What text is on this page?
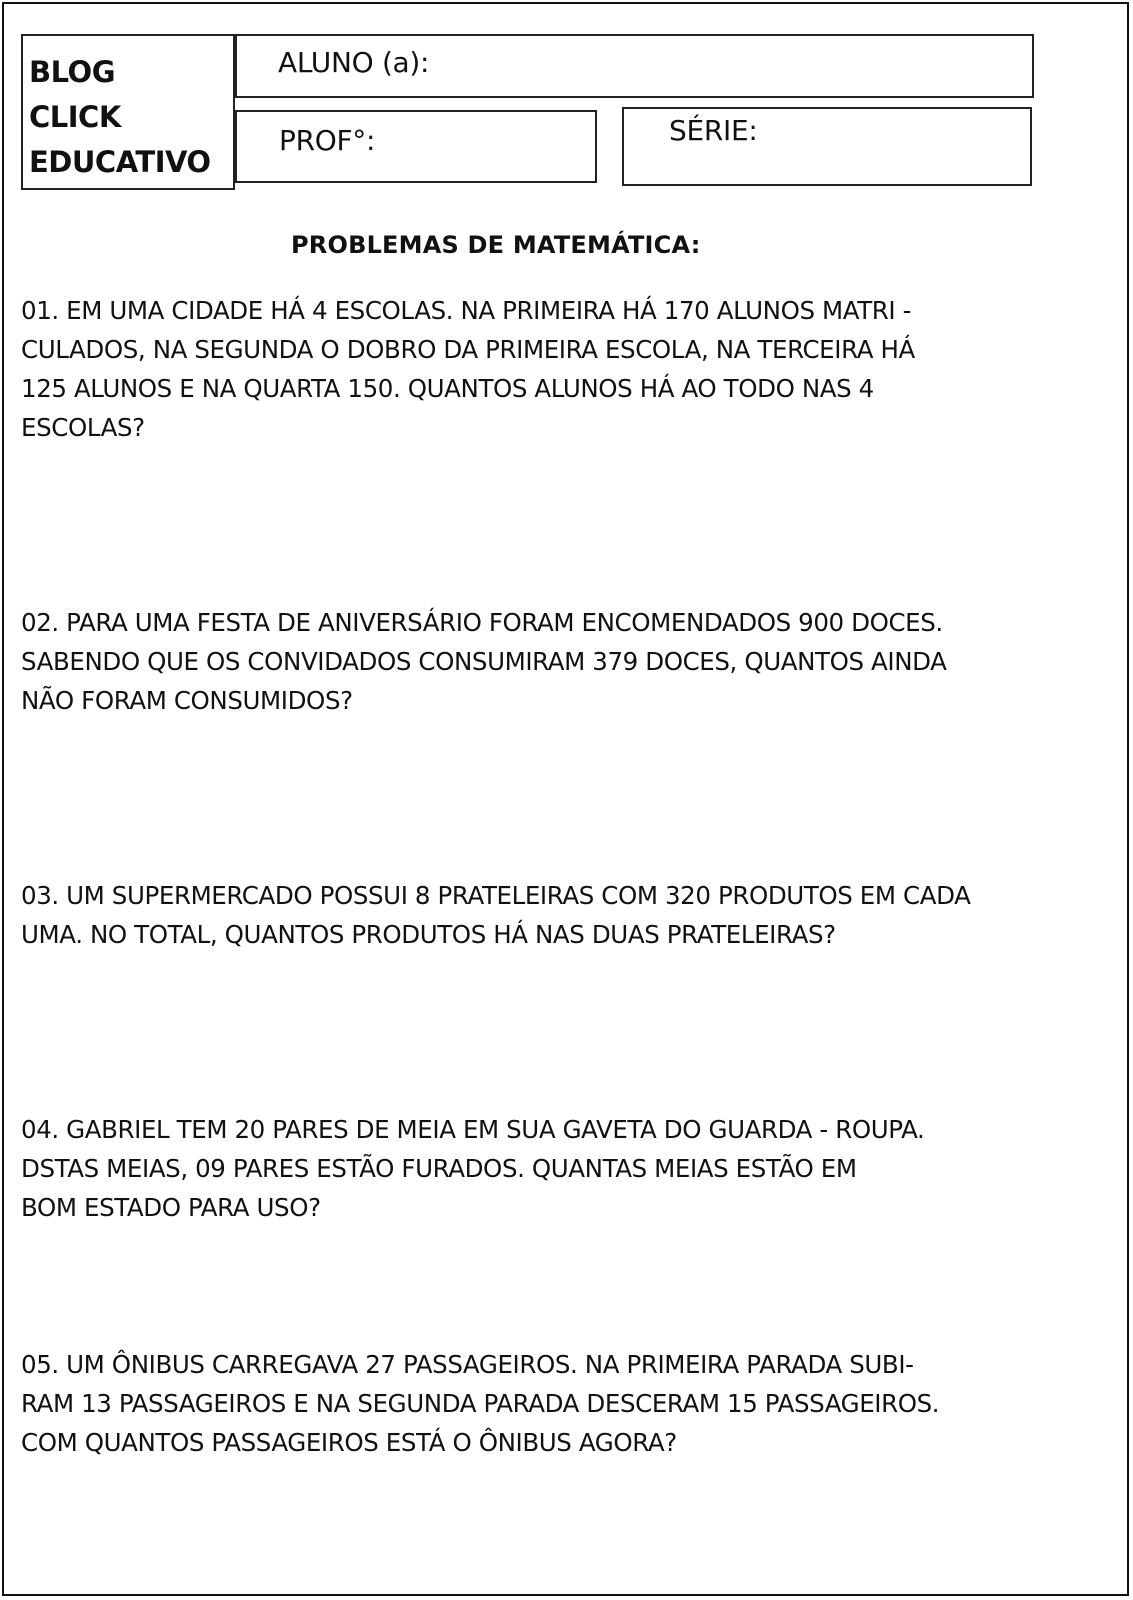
BLOG
CLICK
EDUCATIVO
ALUNO (a):
PROF°:	SÉRIE:
PROBLEMAS DE MATEMÁTICA:
01. EM UMA CIDADE HÁ 4 ESCOLAS. NA PRIMEIRA HÁ 170 ALUNOS MATRI -
CULADOS, NA SEGUNDA O DOBRO DA PRIMEIRA ESCOLA, NA TERCEIRA HÁ
125 ALUNOS E NA QUARTA 150. QUANTOS ALUNOS HÁ AO TODO NAS 4
ESCOLAS?
02. PARA UMA FESTA DE ANIVERSÁRIO FORAM ENCOMENDADOS 900 DOCES.
SABENDO QUE OS CONVIDADOS CONSUMIRAM 379 DOCES, QUANTOS AINDA
NÃO FORAM CONSUMIDOS?
03. UM SUPERMERCADO POSSUI 8 PRATELEIRAS COM 320 PRODUTOS EM CADA
UMA. NO TOTAL, QUANTOS PRODUTOS HÁ NAS DUAS PRATELEIRAS?
04. GABRIEL TEM 20 PARES DE MEIA EM SUA GAVETA DO GUARDA - ROUPA.
DSTAS MEIAS, 09 PARES ESTÃO FURADOS. QUANTAS MEIAS ESTÃO EM
BOM ESTADO PARA USO?
05. UM ÔNIBUS CARREGAVA 27 PASSAGEIROS. NA PRIMEIRA PARADA SUBI-
RAM 13 PASSAGEIROS E NA SEGUNDA PARADA DESCERAM 15 PASSAGEIROS.
COM QUANTOS PASSAGEIROS ESTÁ O ÔNIBUS AGORA?
